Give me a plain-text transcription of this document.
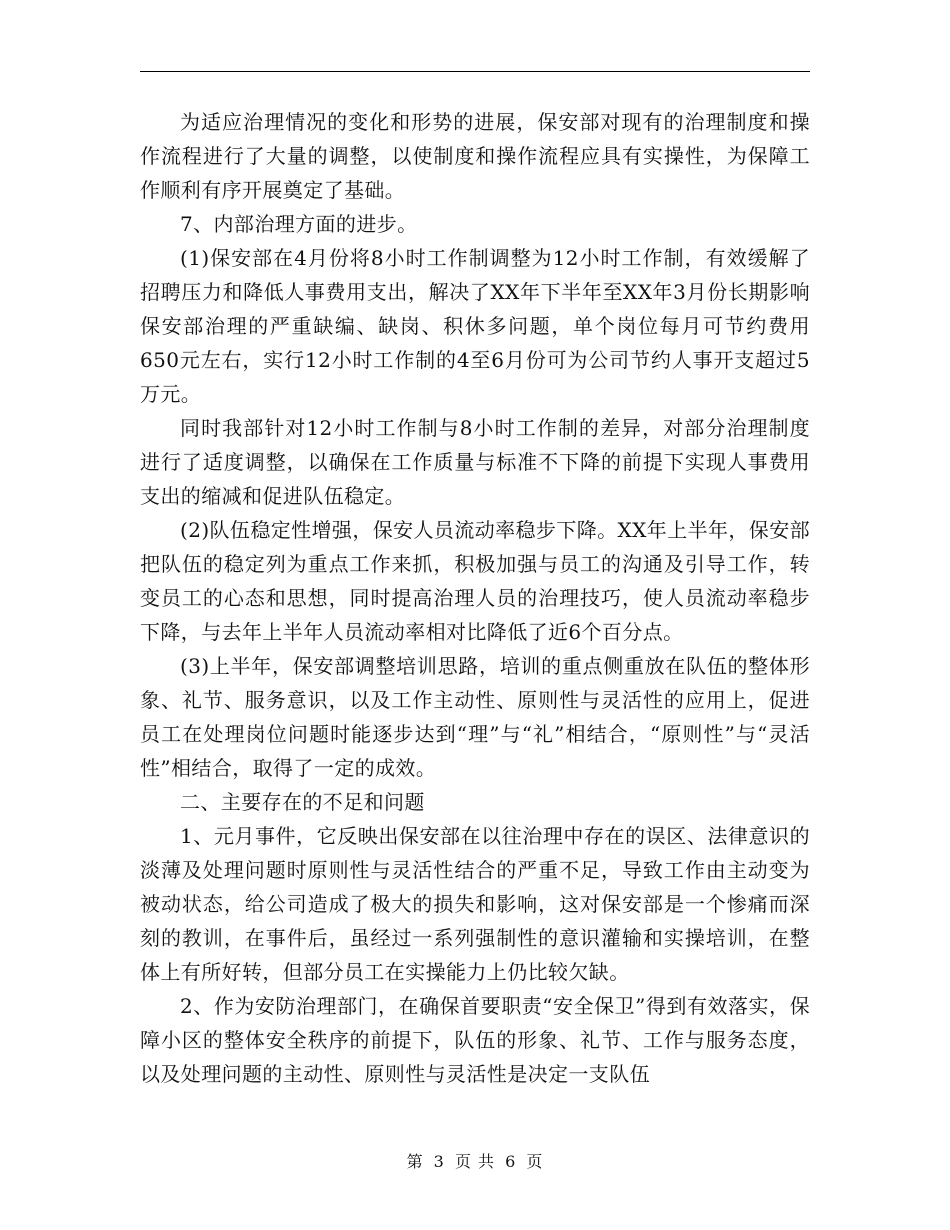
为适应治理情况的变化和形势的进展，保安部对现有的治理制度和操作流程进行了大量的调整，以使制度和操作流程应具有实操性，为保障工作顺利有序开展奠定了基础。

7、内部治理方面的进步。

(1)保安部在4月份将8小时工作制调整为12小时工作制，有效缓解了招聘压力和降低人事费用支出，解决了XX年下半年至XX年3月份长期影响保安部治理的严重缺编、缺岗、积休多问题，单个岗位每月可节约费用650元左右，实行12小时工作制的4至6月份可为公司节约人事开支超过5万元。

同时我部针对12小时工作制与8小时工作制的差异，对部分治理制度进行了适度调整，以确保在工作质量与标准不下降的前提下实现人事费用支出的缩减和促进队伍稳定。

(2)队伍稳定性增强，保安人员流动率稳步下降。XX年上半年，保安部把队伍的稳定列为重点工作来抓，积极加强与员工的沟通及引导工作，转变员工的心态和思想，同时提高治理人员的治理技巧，使人员流动率稳步下降，与去年上半年人员流动率相对比降低了近6个百分点。

(3)上半年，保安部调整培训思路，培训的重点侧重放在队伍的整体形象、礼节、服务意识，以及工作主动性、原则性与灵活性的应用上，促进员工在处理岗位问题时能逐步达到“理”与“礼”相结合，“原则性”与“灵活性”相结合，取得了一定的成效。

二、主要存在的不足和问题

1、元月事件，它反映出保安部在以往治理中存在的误区、法律意识的淡薄及处理问题时原则性与灵活性结合的严重不足，导致工作由主动变为被动状态，给公司造成了极大的损失和影响，这对保安部是一个惨痛而深刻的教训，在事件后，虽经过一系列强制性的意识灌输和实操培训，在整体上有所好转，但部分员工在实操能力上仍比较欠缺。

2、作为安防治理部门，在确保首要职责“安全保卫”得到有效落实，保障小区的整体安全秩序的前提下，队伍的形象、礼节、工作与服务态度，以及处理问题的主动性、原则性与灵活性是决定一支队伍

第 3 页 共 6 页
